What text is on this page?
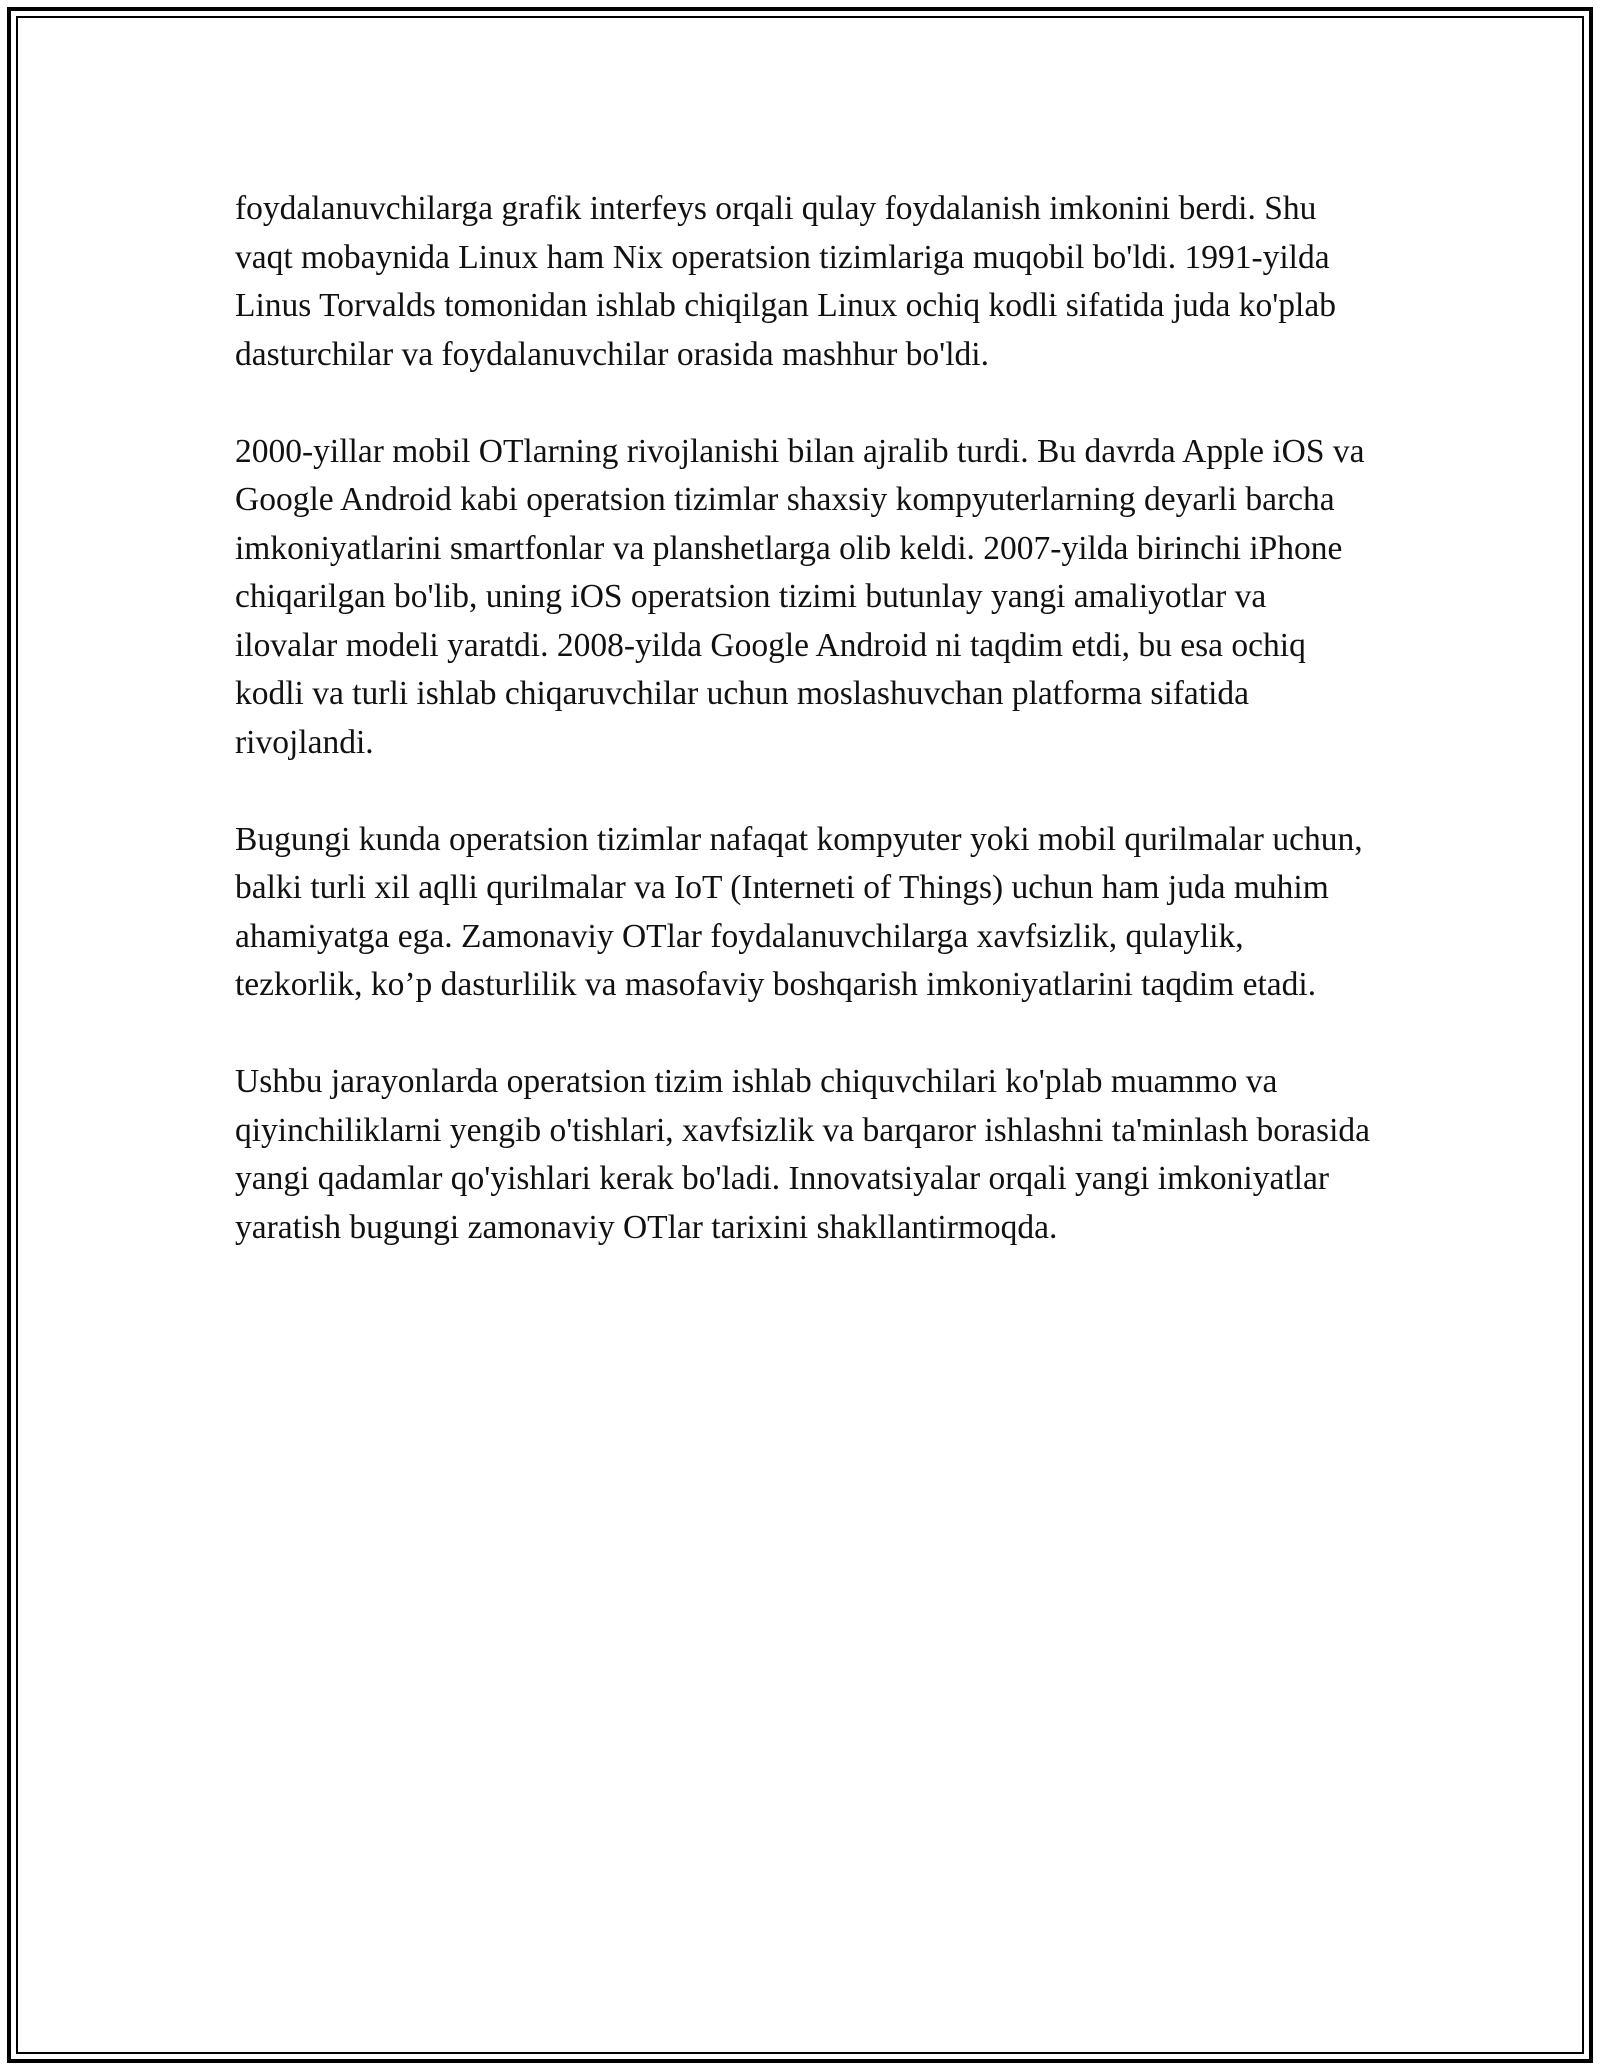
foydalanuvchilarga grafik interfeys orqali qulay foydalanish imkonini berdi. Shu vaqt mobaynida Linux ham Nix operatsion tizimlariga muqobil bo'ldi. 1991-yilda Linus Torvalds tomonidan ishlab chiqilgan Linux ochiq kodli sifatida juda ko'plab dasturchilar va foydalanuvchilar orasida mashhur bo'ldi.

2000-yillar mobil OTlarning rivojlanishi bilan ajralib turdi. Bu davrda Apple iOS va Google Android kabi operatsion tizimlar shaxsiy kompyuterlarning deyarli barcha imkoniyatlarini smartfonlar va planshetlarga olib keldi. 2007-yilda birinchi iPhone chiqarilgan bo'lib, uning iOS operatsion tizimi butunlay yangi amaliyotlar va ilovalar modeli yaratdi. 2008-yilda Google Android ni taqdim etdi, bu esa ochiq kodli va turli ishlab chiqaruvchilar uchun moslashuvchan platforma sifatida rivojlandi.

Bugungi kunda operatsion tizimlar nafaqat kompyuter yoki mobil qurilmalar uchun, balki turli xil aqlli qurilmalar va IoT (Interneti of Things) uchun ham juda muhim ahamiyatga ega. Zamonaviy OTlar foydalanuvchilarga xavfsizlik, qulaylik, tezkorlik, ko’p dasturlilik va masofaviy boshqarish imkoniyatlarini taqdim etadi.

Ushbu jarayonlarda operatsion tizim ishlab chiquvchilari ko'plab muammo va qiyinchiliklarni yengib o'tishlari, xavfsizlik va barqaror ishlashni ta'minlash borasida yangi qadamlar qo'yishlari kerak bo'ladi. Innovatsiyalar orqali yangi imkoniyatlar yaratish bugungi zamonaviy OTlar tarixini shakllantirmoqda.
